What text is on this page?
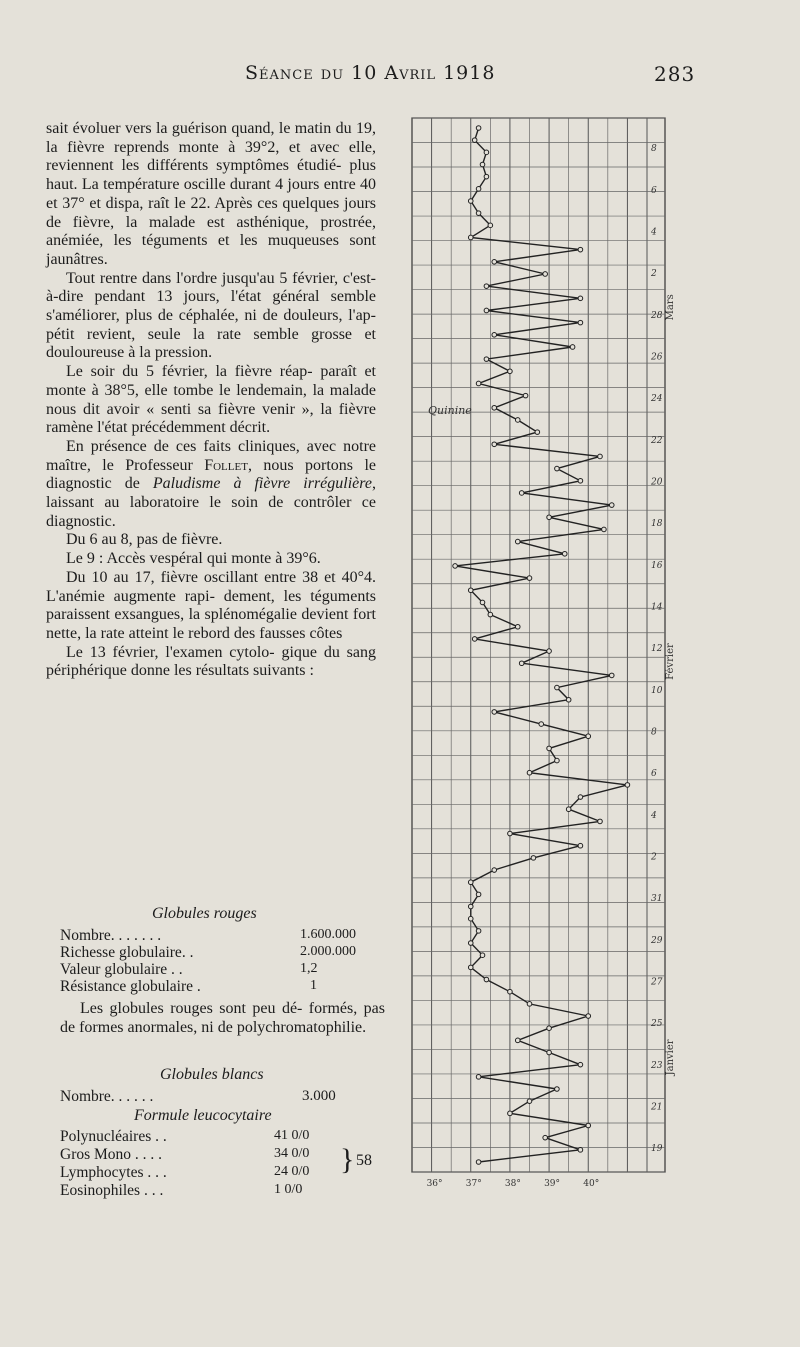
Séance du 10 Avril 1918	283

sait évoluer vers la guérison quand, le matin du 19, la fièvre reprends monte à 39°2, et avec elle, reviennent les différents symptômes étudié- plus haut. La température oscille durant 4 jours entre 40 et 37° et dispa, raît le 22. Après ces quelques jours de fièvre, la malade est asthénique, prostrée, anémiée, les téguments et les muqueuses sont jaunâtres.

Tout rentre dans l'ordre jusqu'au 5 février, c'est-à-dire pendant 13 jours, l'état général semble s'améliorer, plus de céphalée, ni de douleurs, l'ap- pétit revient, seule la rate semble grosse et douloureuse à la pression.

Le soir du 5 février, la fièvre réap- paraît et monte à 38°5, elle tombe le lendemain, la malade nous dit avoir « senti sa fièvre venir », la fièvre ramène l'état précédemment décrit.

En présence de ces faits cliniques, avec notre maître, le Professeur Follet, nous portons le diagnostic de Paludisme à fièvre irrégulière, laissant au laboratoire le soin de contrôler ce diagnostic.

Du 6 au 8, pas de fièvre.

Le 9 : Accès vespéral qui monte à 39°6.

Du 10 au 17, fièvre oscillant entre 38 et 40°4. L'anémie augmente rapi- dement, les téguments paraissent exsangues, la splénomégalie devient fort nette, la rate atteint le rebord des fausses côtes

Le 13 février, l'examen cytolo- gique du sang périphérique donne les résultats suivants :

Globules rouges
Nombre. . . . . . .	1.600.000
Richesse globulaire. .	2.000.000
Valeur globulaire . .	1,2
Résistance globulaire .	1
Les globules rouges sont peu dé- formés, pas de formes anormales, ni de polychromatophilie.
Globules blancs
Nombre. . . . . .	3.000
Formule leucocytaire
Polynucléaires . .	41 0/0
Gros Mono . . . .	34 0/0
Lymphocytes . . .	24 0/0
Eosinophiles . . .	1 0/0
} 58
40°
39°
38°
37°
36°
19
21
23
25
27
29
31
2
4
6
8
10
12
14
16
18
20
22
24
26
28
2
4
6
8
Janvier
Février
Mars
Quinine
